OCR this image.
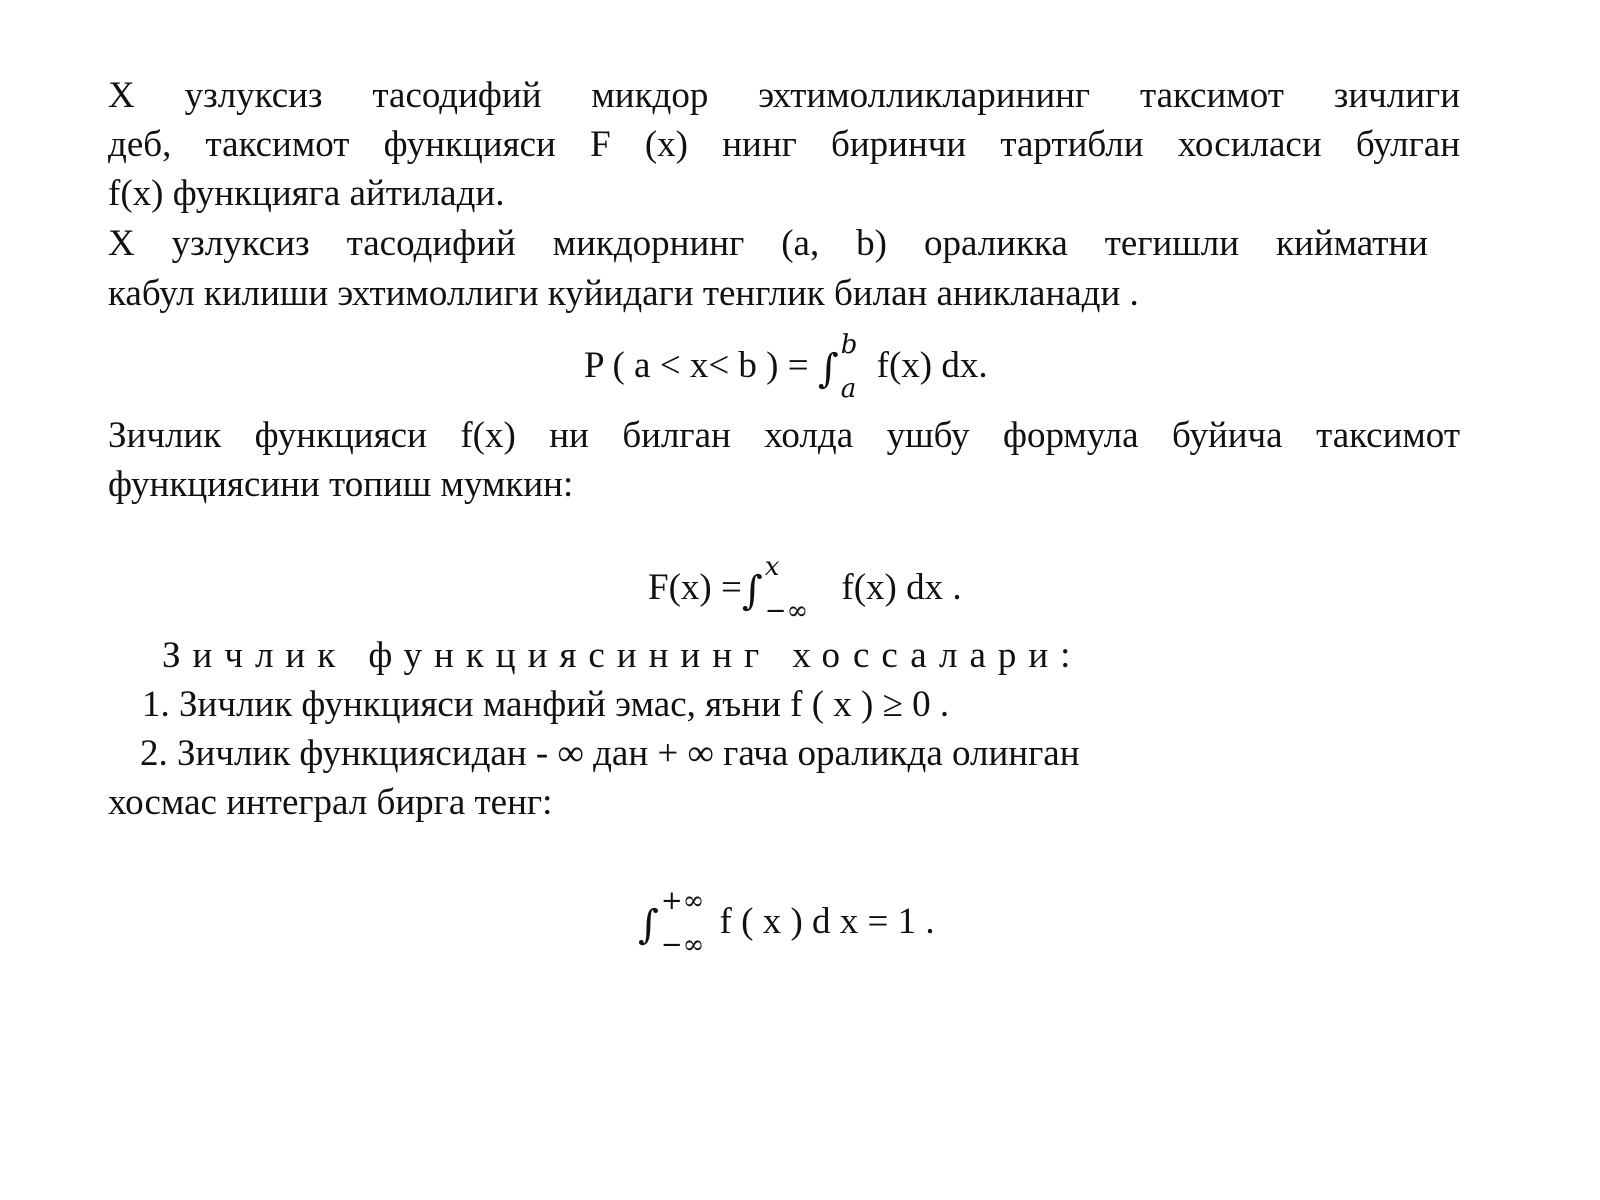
X узлуксиз тасодифий микдор эхтимолликларининг таксимот зичлиги
деб, таксимот функцияси F (x) нинг биринчи тартибли хосиласи булган
f(x) функцияга айтилади.
X узлуксиз тасодифий микдорнинг (a, b) ораликка тегишли кийматни
кабул килиши эхтимоллиги куйидаги тенглик билан аникланади .
P ( a < x< b ) = ∫
b
a
f(x) dx.
Зичлик функцияси f(x) ни билган холда ушбу формула буйича таксимот
функциясини топиш мумкин:
F(x) =∫
x
−∞
f(x) dx .
Зичлик функциясининг хоссалари:
1. Зичлик функцияси манфий эмас, яъни f ( x ) ≥ 0 .
2. Зичлик функциясидан - ∞ дан + ∞ гача ораликда олинган
хосмас интеграл бирга тенг:
∫
+∞
−∞
f ( x ) d x = 1 .
